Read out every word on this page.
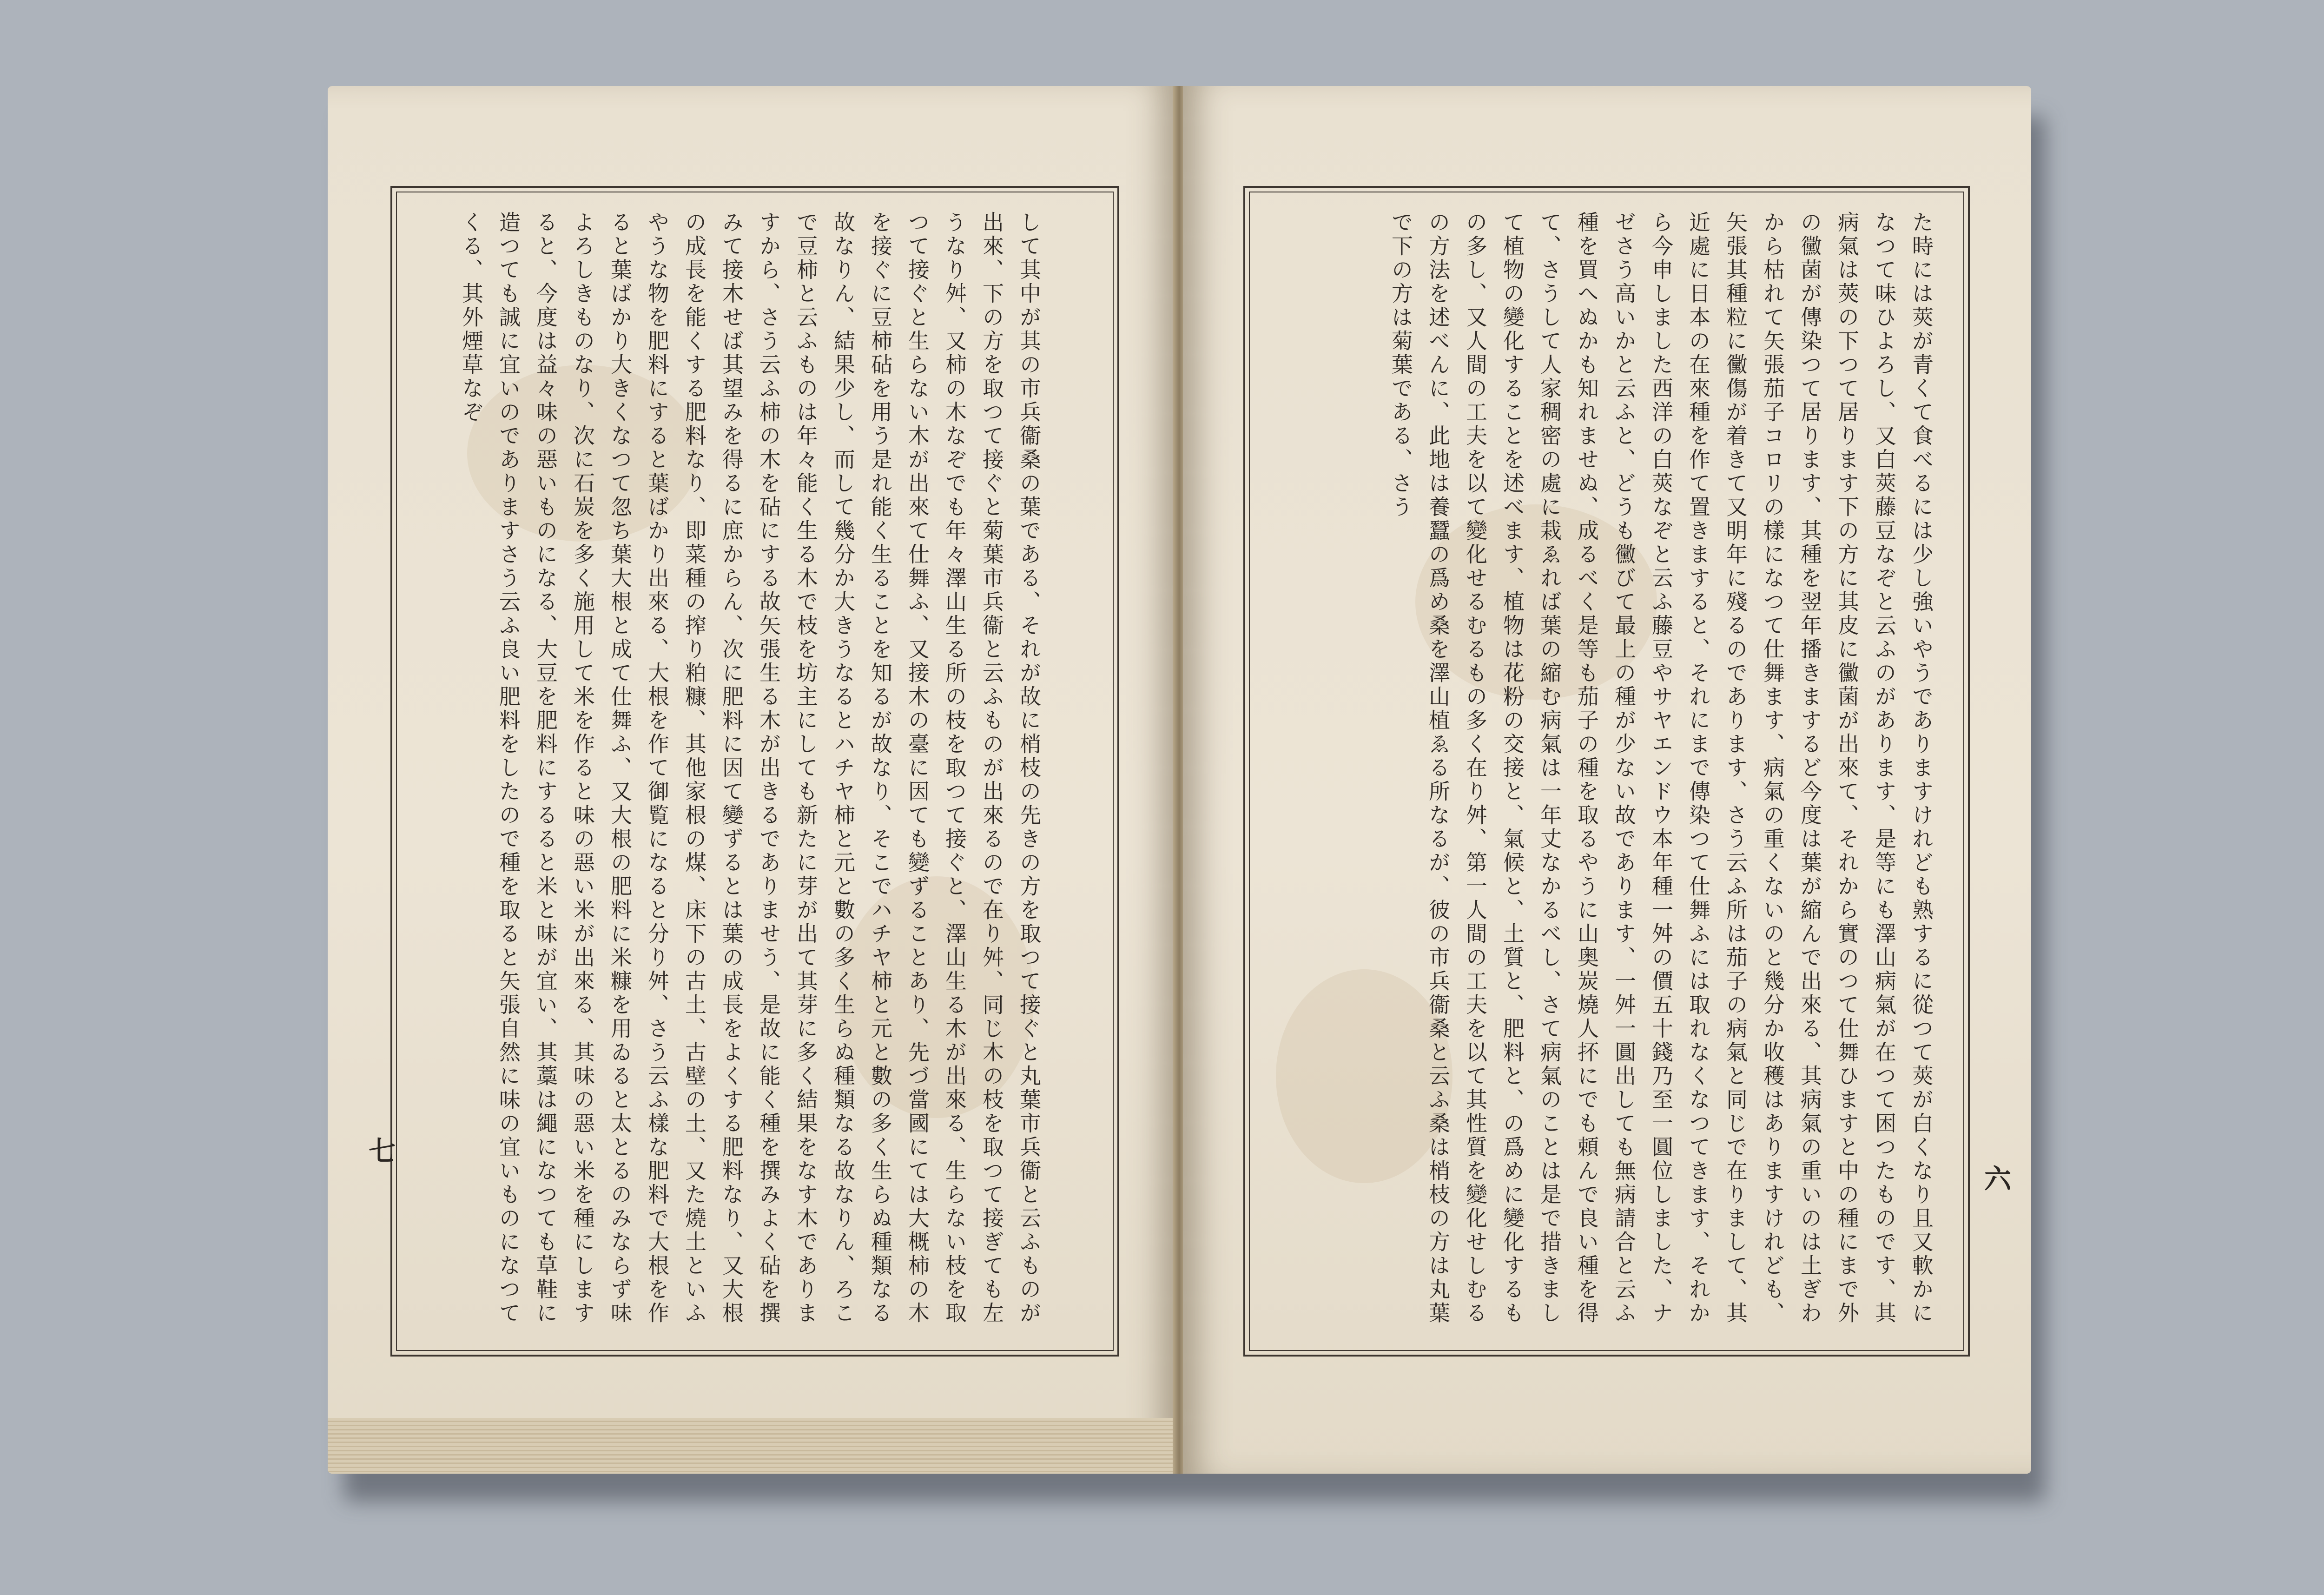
して其中が其の市兵衞桑の葉である、それが故に梢枝の先きの方を取つて接ぐと丸葉市兵衞と云ふものが出來、下の方を取つて接ぐと菊葉市兵衞と云ふものが出來るので在り舛、同じ木の枝を取つて接ぎても左うなり舛、又柿の木なぞでも年々澤山生る所の枝を取つて接ぐと、澤山生る木が出來る、生らない枝を取つて接ぐと生らない木が出來て仕舞ふ、又接木の臺に因ても變ずることあり、先づ當國にては大概柿の木を接ぐに豆柿砧を用う是れ能く生ることを知るが故なり、そこでハチヤ柿と元と數の多く生らぬ種類なる故なりん、結果少し、而して幾分か大きうなるとハチヤ柿と元と數の多く生らぬ種類なる故なりん、ろこで豆柿と云ふものは年々能く生る木で枝を坊主にしても新たに芽が出て其芽に多く結果をなす木でありますから、さう云ふ柿の木を砧にする故矢張生る木が出きるでありませう、是故に能く種を撰みよく砧を撰みて接木せば其望みを得るに庶からん、次に肥料に因て變ずるとは葉の成長をよくする肥料なり、又大根の成長を能くする肥料なり、即菜種の搾り粕糠、其他家根の煤、床下の古土、古壁の土、又た燒土といふやうな物を肥料にすると葉ばかり出來る、大根を作て御覧になると分り舛、さう云ふ樣な肥料で大根を作ると葉ばかり大きくなつて忽ち葉大根と成て仕舞ふ、又大根の肥料に米糠を用ゐると太とるのみならず味よろしきものなり、次に石炭を多く施用して米を作ると味の惡い米が出來る、其味の惡い米を種にしますると、今度は益々味の惡いものになる、大豆を肥料にするると米と味が宜い、其藁は繩になつても草鞋に造つても誠に宜いのでありますさう云ふ良い肥料をしたので種を取ると矢張自然に味の宜いものになつてくる、其外煙草なぞ
七	た時には莢が青くて食べるには少し強いやうでありますけれども熟するに從つて莢が白くなり且又軟かになつて味ひよろし、又白莢藤豆なぞと云ふのがあります、是等にも澤山病氣が在つて困つたものです、其病氣は莢の下つて居ります下の方に其皮に黴菌が出來て、それから實のつて仕舞ひますと中の種にまで外の黴菌が傳染つて居ります、其種を翌年播きまするど今度は葉が縮んで出來る、其病氣の重いのは土ぎわから枯れて矢張茄子コロリの樣になつて仕舞ます、病氣の重くないのと幾分か收穫はありますけれども、矢張其種粒に黴傷が着きて又明年に殘るのであります、さう云ふ所は茄子の病氣と同じで在りまして、其近處に日本の在來種を作て置きますると、それにまで傳染つて仕舞ふには取れなくなつてきます、それから今申しました西洋の白莢なぞと云ふ藤豆やサヤエンドウ本年種一舛の價五十錢乃至一圓位しました、ナゼさう高いかと云ふと、どうも黴びて最上の種が少ない故であります、一舛一圓出しても無病請合と云ふ種を買へぬかも知れませぬ、成るべく是等も茄子の種を取るやうに山奥炭燒人抔にでも頼んで良い種を得て、さうして人家稠密の處に栽ゑれば葉の縮む病氣は一年丈なかるべし、さて病氣のことは是で措きまして植物の變化することを述べます、植物は花粉の交接と、氣候と、土質と、肥料と、の爲めに變化するもの多し、又人間の工夫を以て變化せるむるもの多く在り舛、第一人間の工夫を以て其性質を變化せしむるの方法を述べんに、此地は養蠶の爲め桑を澤山植ゑる所なるが、彼の市兵衞桑と云ふ桑は梢枝の方は丸葉で下の方は菊葉である、さう
六
